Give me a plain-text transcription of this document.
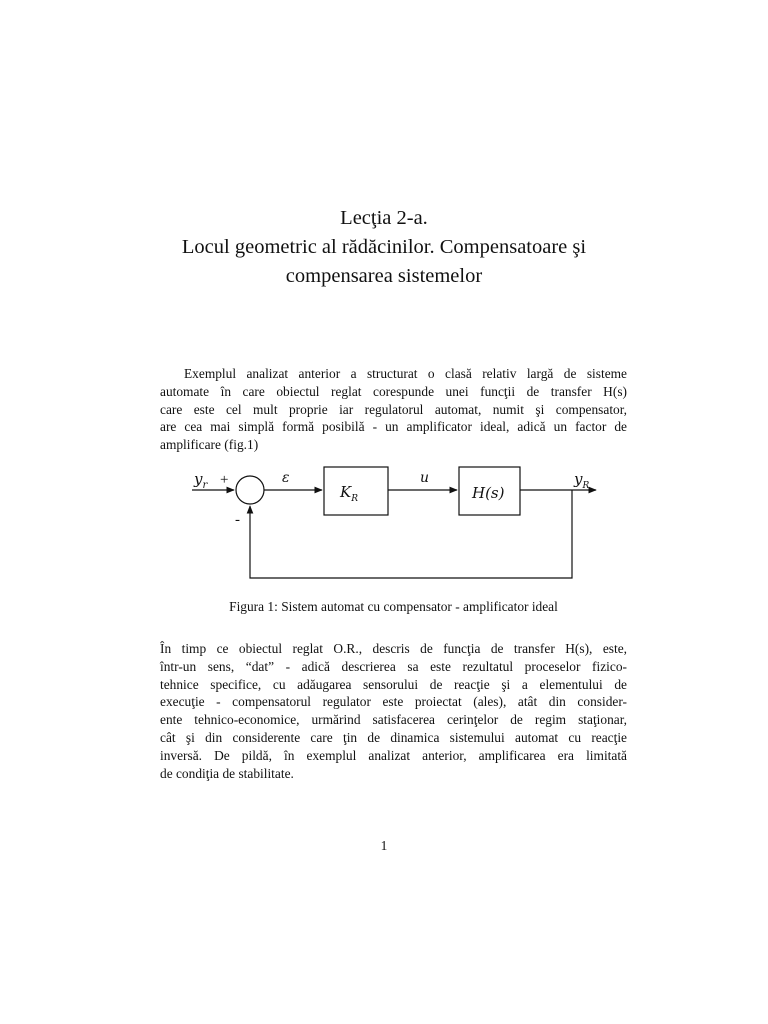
Lecţia 2-a.
Locul geometric al rădăcinilor. Compensatoare şi
compensarea sistemelor
Exemplul analizat anterior a structurat o clasă relativ largă de sisteme
automate în care obiectul reglat corespunde unei funcţii de transfer H(s)
care este cel mult proprie iar regulatorul automat, numit şi compensator,
are cea mai simplă formă posibilă - un amplificator ideal, adică un factor de
amplificare (fig.1)
$y_r$ +
-
ε
$K_R$
u
H(s)
$y_R$
Figura 1: Sistem automat cu compensator - amplificator ideal
În timp ce obiectul reglat O.R., descris de funcţia de transfer H(s), este,
într-un sens, “dat” - adică descrierea sa este rezultatul proceselor fizico-
tehnice specifice, cu adăugarea sensorului de reacţie şi a elementului de
execuţie - compensatorul regulator este proiectat (ales), atât din consider-
ente tehnico-economice, urmărind satisfacerea cerinţelor de regim staţionar,
cât şi din considerente care ţin de dinamica sistemului automat cu reacţie
inversă. De pildă, în exemplul analizat anterior, amplificarea era limitată
de condiţia de stabilitate.
1
